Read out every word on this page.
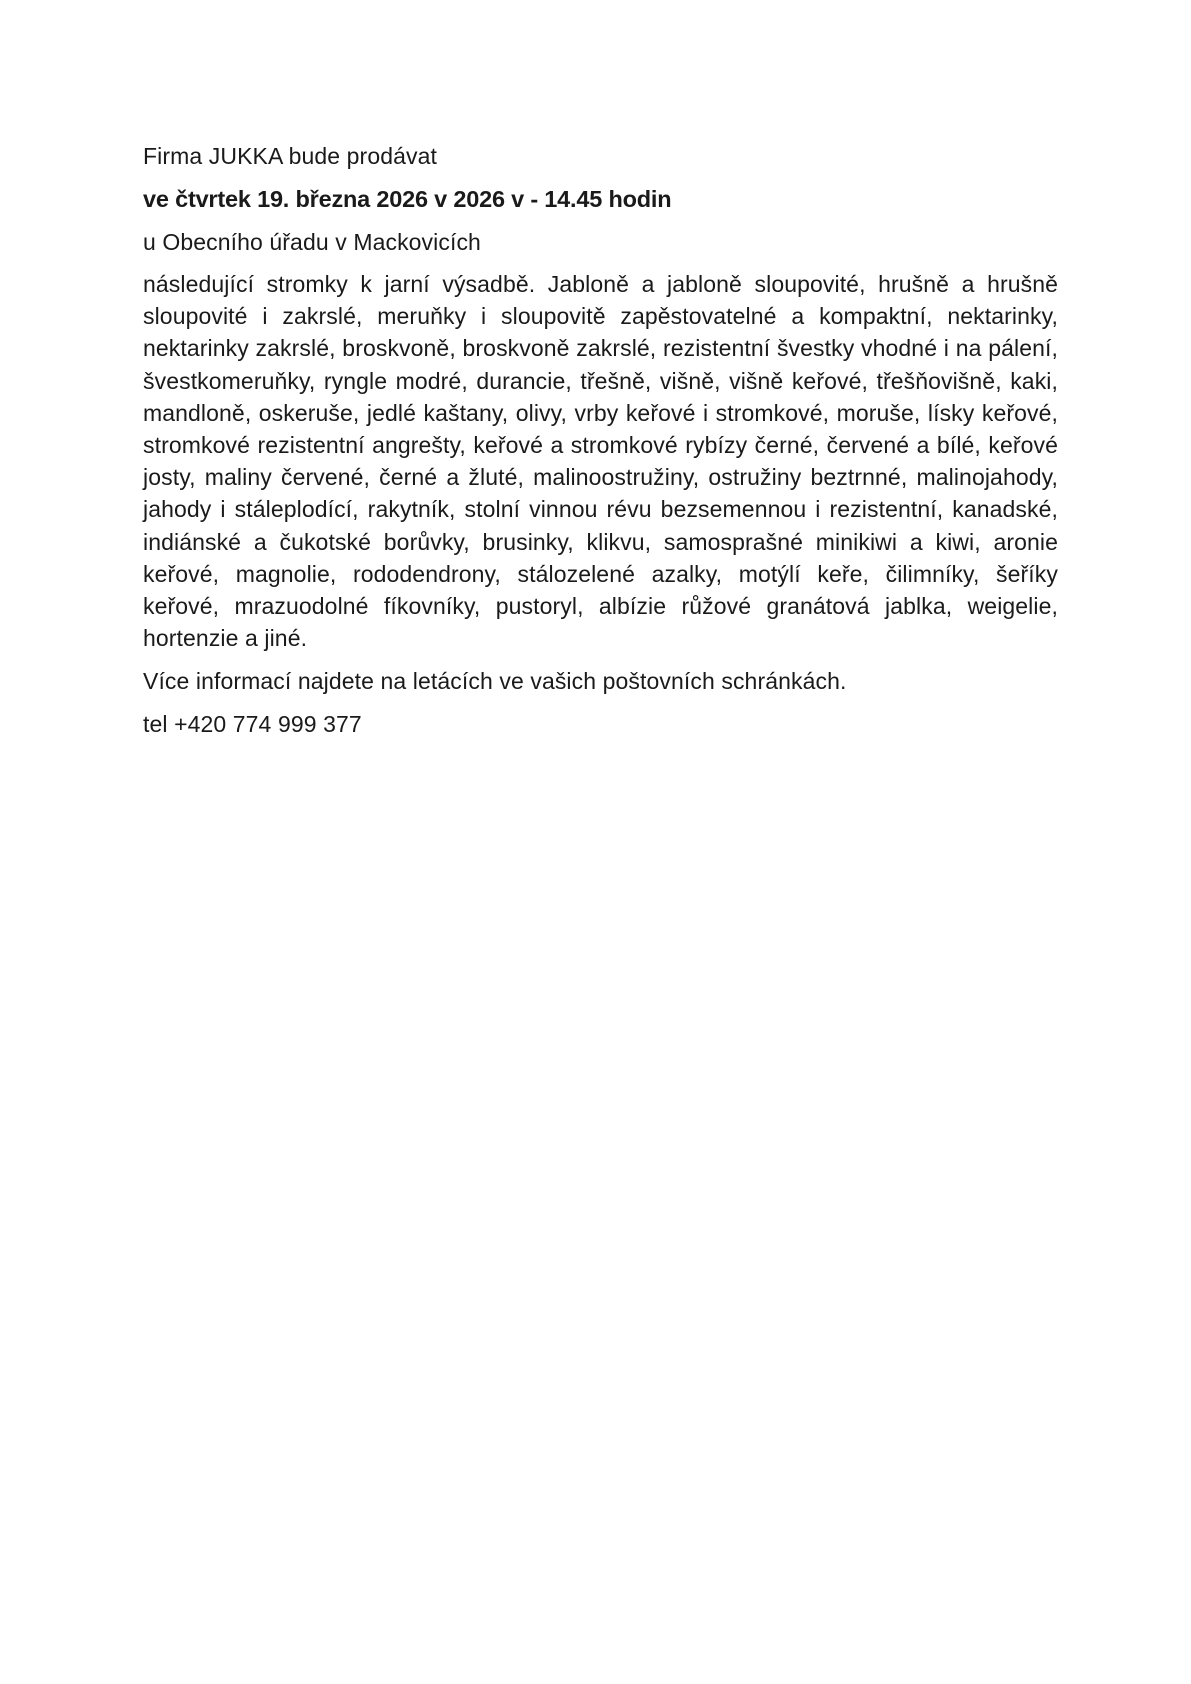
Firma JUKKA bude prodávat

ve čtvrtek 19. března 2026 v 2026 v - 14.45 hodin

u Obecního úřadu v Mackovicích

následující stromky k jarní výsadbě. Jabloně a jabloně sloupovité, hrušně a hrušně sloupovité i zakrslé, meruňky i sloupovitě zapěstovatelné a kompaktní, nektarinky, nektarinky zakrslé, broskvoně, broskvoně zakrslé, rezistentní švestky vhodné i na pálení, švestkomeruňky, ryngle modré, durancie, třešně, višně, višně keřové, třešňovišně, kaki, mandloně, oskeruše, jedlé kaštany, olivy, vrby keřové i stromkové, moruše, lísky keřové, stromkové rezistentní angrešty, keřové a stromkové rybízy černé, červené a bílé, keřové josty, maliny červené, černé a žluté, malinoostružiny, ostružiny beztrnné, malinojahody, jahody i stáleplodící, rakytník, stolní vinnou révu bezsemennou i rezistentní, kanadské, indiánské a čukotské borůvky, brusinky, klikvu, samosprašné minikiwi a kiwi, aronie keřové, magnolie, rododendrony, stálozelené azalky, motýlí keře, čilimníky, šeříky keřové, mrazuodolné fíkovníky, pustoryl, albízie růžové granátová jablka, weigelie, hortenzie a jiné.

Více informací najdete na letácích ve vašich poštovních schránkách.

tel +420 774 999 377
